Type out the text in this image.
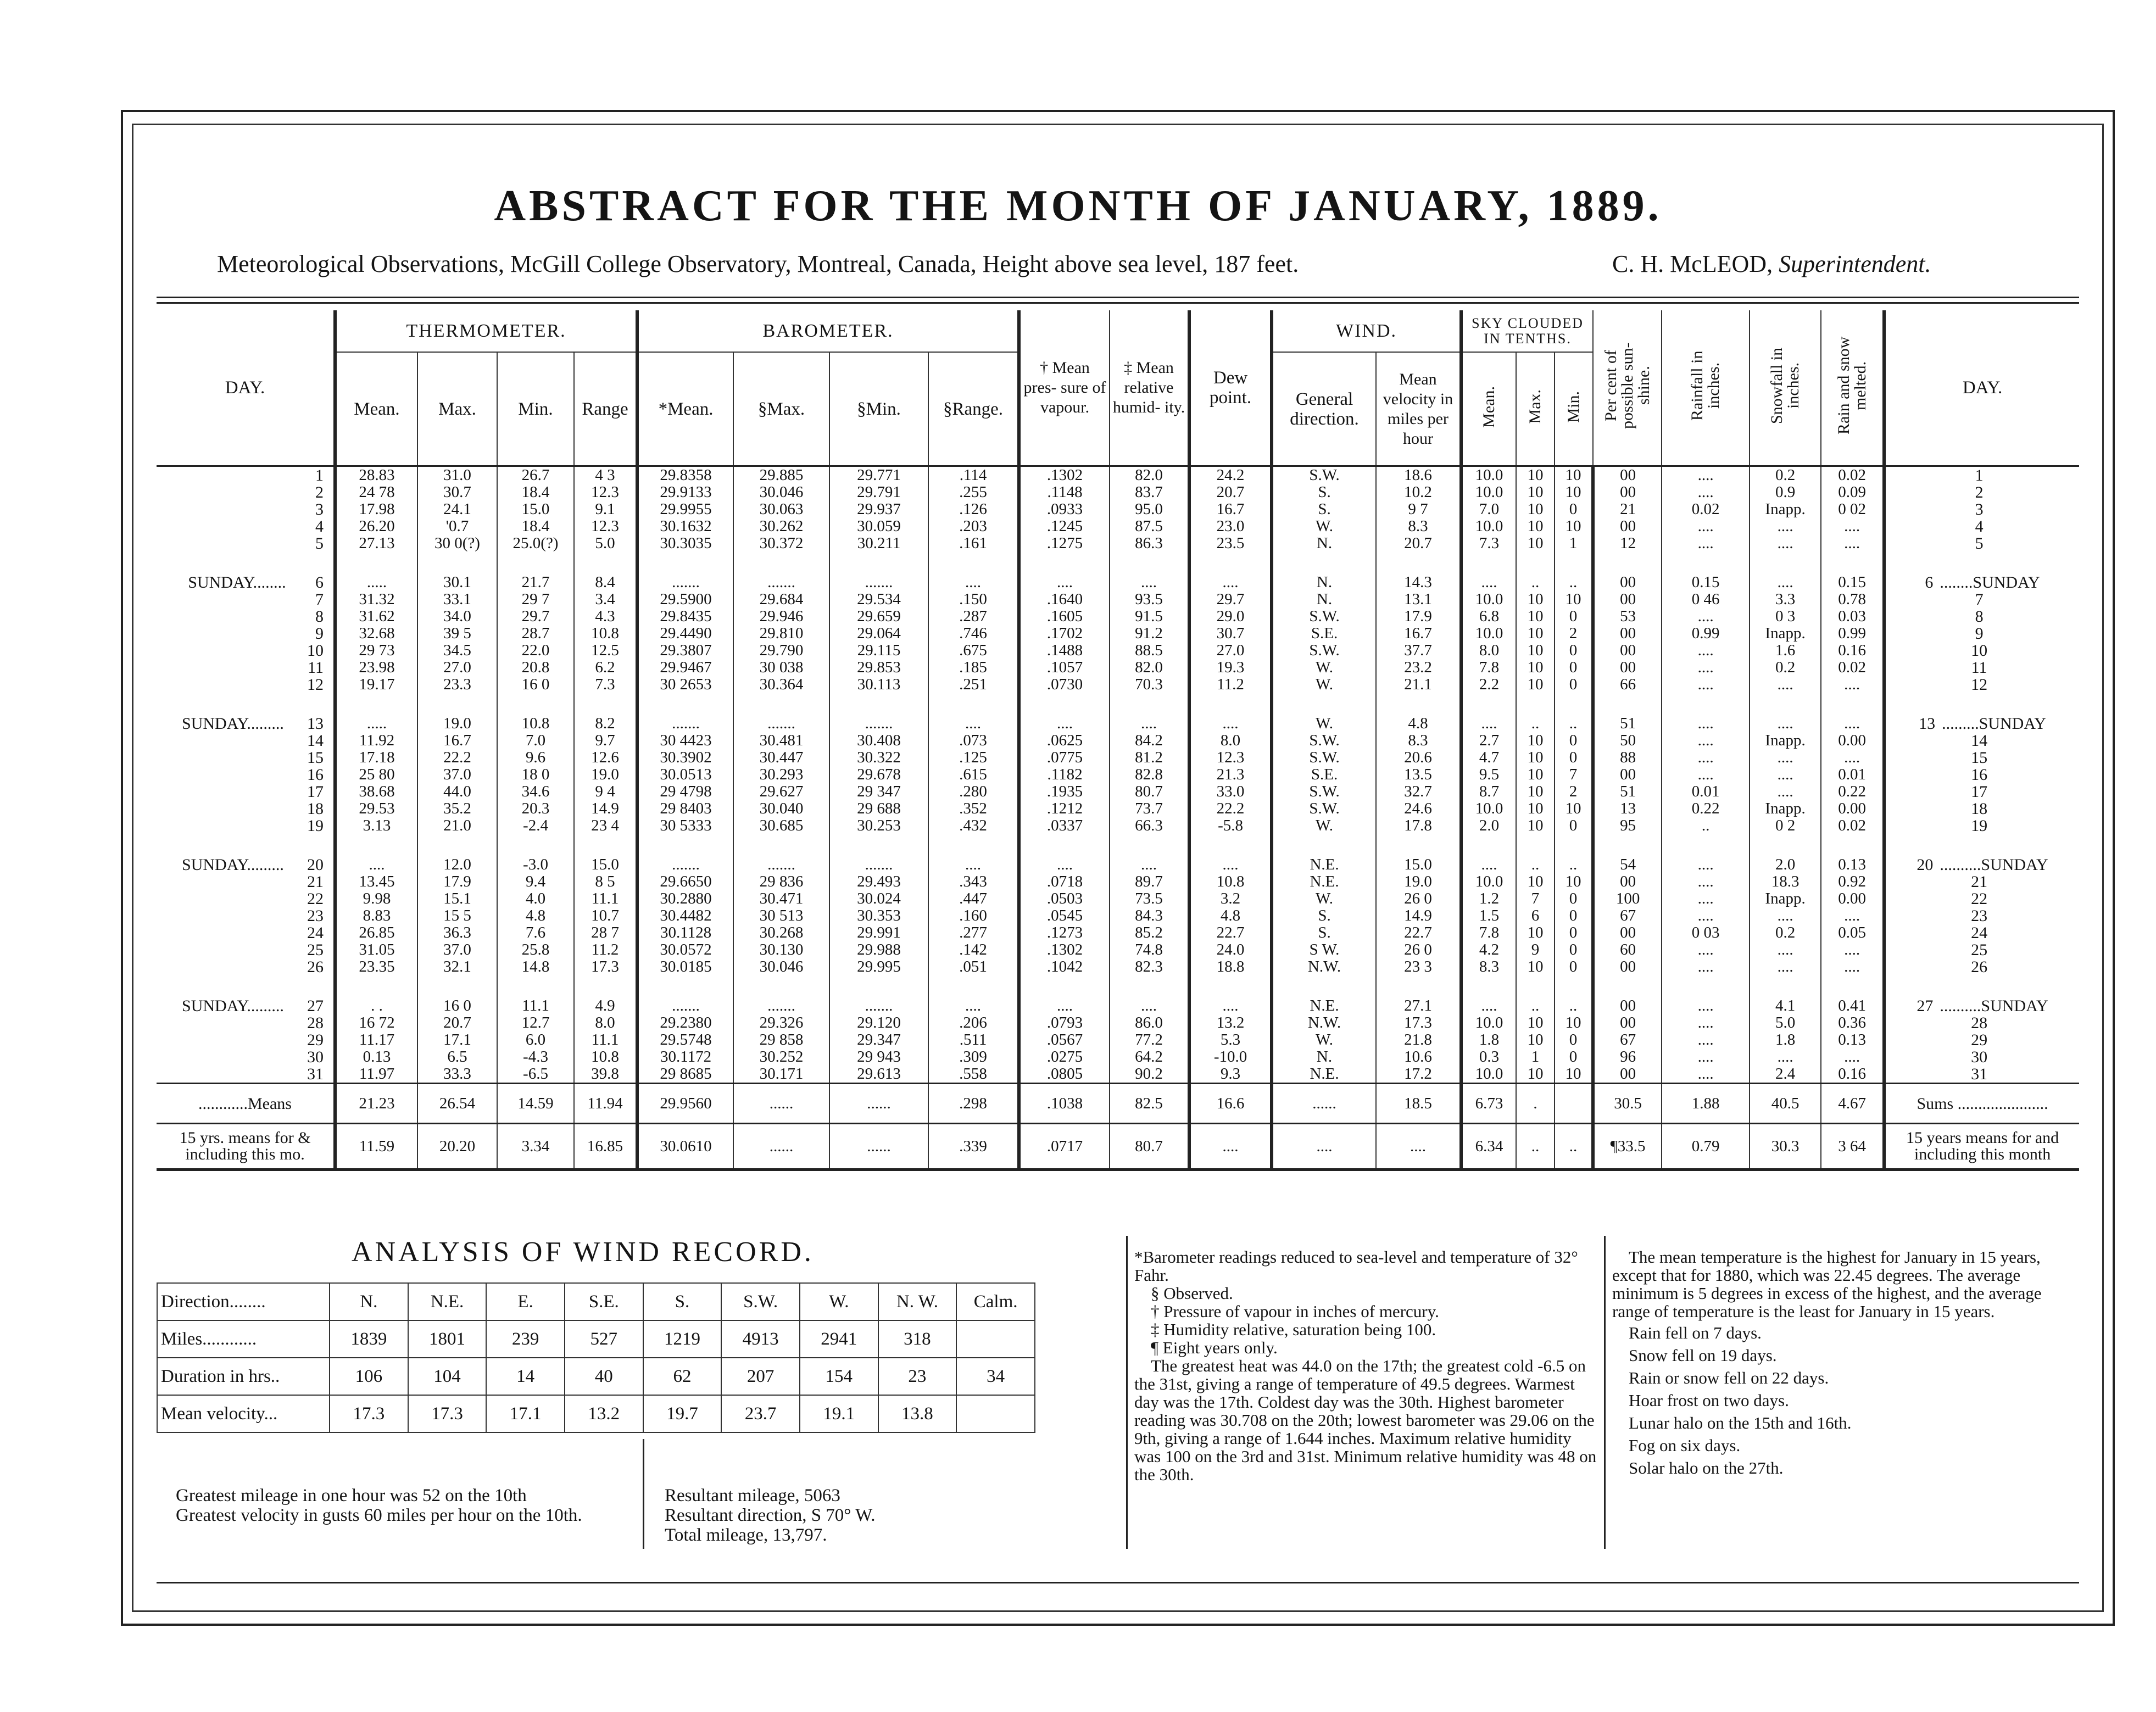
ABSTRACT FOR THE MONTH OF JANUARY, 1889.
Meteorological Observations, McGill College Observatory, Montreal, Canada, Height above sea level, 187 feet.	C. H. McLEOD, Superintendent.
DAY.	THERMOMETER.				BAROMETER.				† Mean pres- sure of vapour.	‡ Mean relative humid- ity.	Dew point.	WIND.		SKY CLOUDED IN TENTHS.			Per cent of possible sun- shine.	Rainfall in inches.	Snowfall in inches.	Rain and snow melted.	DAY.
	Mean.	Max.	Min.	Range	*Mean.	§Max.	§Min.	§Range.				General direction.	Mean velocity in miles per hour	Mean.	Max.	Min.					

1	28.83	31.0	26.7	4 3	29.8358	29.885	29.771	.114	.1302	82.0	24.2	S.W.	18.6	10.0	10	10	00	....	0.2	0.02	1

2	24 78	30.7	18.4	12.3	29.9133	30.046	29.791	.255	.1148	83.7	20.7	S.	10.2	10.0	10	10	00	....	0.9	0.09	2

3	17.98	24.1	15.0	9.1	29.9955	30.063	29.937	.126	.0933	95.0	16.7	S.	9 7	7.0	10	0	21	0.02	Inapp.	0 02	3

4	26.20	'0.7	18.4	12.3	30.1632	30.262	30.059	.203	.1245	87.5	23.0	W.	8.3	10.0	10	10	00	....	....	....	4

5	27.13	30 0(?)	25.0(?)	5.0	30.3035	30.372	30.211	.161	.1275	86.3	23.5	N.	20.7	7.3	10	1	12	....	....	....	5

SUNDAY........ 6	.....	30.1	21.7	8.4	.......	.......	.......	....	....	....	....	N.	14.3	....	..	..	00	0.15	....	0.15	6 ........SUNDAY

7	31.32	33.1	29 7	3.4	29.5900	29.684	29.534	.150	.1640	93.5	29.7	N.	13.1	10.0	10	10	00	0 46	3.3	0.78	7

8	31.62	34.0	29.7	4.3	29.8435	29.946	29.659	.287	.1605	91.5	29.0	S.W.	17.9	6.8	10	0	53	....	0 3	0.03	8

9	32.68	39 5	28.7	10.8	29.4490	29.810	29.064	.746	.1702	91.2	30.7	S.E.	16.7	10.0	10	2	00	0.99	Inapp.	0.99	9

10	29 73	34.5	22.0	12.5	29.3807	29.790	29.115	.675	.1488	88.5	27.0	S.W.	37.7	8.0	10	0	00	....	1.6	0.16	10

11	23.98	27.0	20.8	6.2	29.9467	30 038	29.853	.185	.1057	82.0	19.3	W.	23.2	7.8	10	0	00	....	0.2	0.02	11

12	19.17	23.3	16 0	7.3	30 2653	30.364	30.113	.251	.0730	70.3	11.2	W.	21.1	2.2	10	0	66	....	....	....	12

SUNDAY......... 13	.....	19.0	10.8	8.2	.......	.......	.......	....	....	....	....	W.	4.8	....	..	..	51	....	....	....	13 .........SUNDAY

14	11.92	16.7	7.0	9.7	30 4423	30.481	30.408	.073	.0625	84.2	8.0	S.W.	8.3	2.7	10	0	50	....	Inapp.	0.00	14

15	17.18	22.2	9.6	12.6	30.3902	30.447	30.322	.125	.0775	81.2	12.3	S.W.	20.6	4.7	10	0	88	....	....	....	15

16	25 80	37.0	18 0	19.0	30.0513	30.293	29.678	.615	.1182	82.8	21.3	S.E.	13.5	9.5	10	7	00	....	....	0.01	16

17	38.68	44.0	34.6	9 4	29 4798	29.627	29 347	.280	.1935	80.7	33.0	S.W.	32.7	8.7	10	2	51	0.01	....	0.22	17

18	29.53	35.2	20.3	14.9	29 8403	30.040	29 688	.352	.1212	73.7	22.2	S.W.	24.6	10.0	10	10	13	0.22	Inapp.	0.00	18

19	3.13	21.0	-2.4	23 4	30 5333	30.685	30.253	.432	.0337	66.3	-5.8	W.	17.8	2.0	10	0	95	..	0 2	0.02	19

SUNDAY......... 20	....	12.0	-3.0	15.0	.......	.......	.......	....	....	....	....	N.E.	15.0	....	..	..	54	....	2.0	0.13	20 ..........SUNDAY

21	13.45	17.9	9.4	8 5	29.6650	29 836	29.493	.343	.0718	89.7	10.8	N.E.	19.0	10.0	10	10	00	....	18.3	0.92	21

22	9.98	15.1	4.0	11.1	30.2880	30.471	30.024	.447	.0503	73.5	3.2	W.	26 0	1.2	7	0	100	....	Inapp.	0.00	22

23	8.83	15 5	4.8	10.7	30.4482	30 513	30.353	.160	.0545	84.3	4.8	S.	14.9	1.5	6	0	67	....	....	....	23

24	26.85	36.3	7.6	28 7	30.1128	30.268	29.991	.277	.1273	85.2	22.7	S.	22.7	7.8	10	0	00	0 03	0.2	0.05	24

25	31.05	37.0	25.8	11.2	30.0572	30.130	29.988	.142	.1302	74.8	24.0	S W.	26 0	4.2	9	0	60	....	....	....	25

26	23.35	32.1	14.8	17.3	30.0185	30.046	29.995	.051	.1042	82.3	18.8	N.W.	23 3	8.3	10	0	00	....	....	....	26

SUNDAY......... 27	. .	16 0	11.1	4.9	.......	.......	.......	....	....	....	....	N.E.	27.1	....	..	..	00	....	4.1	0.41	27 ..........SUNDAY

28	16 72	20.7	12.7	8.0	29.2380	29.326	29.120	.206	.0793	86.0	13.2	N.W.	17.3	10.0	10	10	00	....	5.0	0.36	28

29	11.17	17.1	6.0	11.1	29.5748	29 858	29.347	.511	.0567	77.2	5.3	W.	21.8	1.8	10	0	67	....	1.8	0.13	29

30	0.13	6.5	-4.3	10.8	30.1172	30.252	29 943	.309	.0275	64.2	-10.0	N.	10.6	0.3	1	0	96	....	....	....	30

31	11.97	33.3	-6.5	39.8	29 8685	30.171	29.613	.558	.0805	90.2	9.3	N.E.	17.2	10.0	10	10	00	....	2.4	0.16	31
............Means	21.23	26.54	14.59	11.94	29.9560	......	......	.298	.1038	82.5	16.6	......	18.5	6.73	.		30.5	1.88	40.5	4.67	Sums ......................
15 yrs. means for & including this mo.	11.59	20.20	3.34	16.85	30.0610	......	......	.339	.0717	80.7	....	....	....	6.34	..	..	¶33.5	0.79	30.3	3 64	15 years means for and including this month
ANALYSIS OF WIND RECORD.
Direction........	N.	N.E.	E.	S.E.	S.	S.W.	W.	N. W.	Calm.
Miles............	1839	1801	239	527	1219	4913	2941	318	
Duration in hrs..	106	104	14	40	62	207	154	23	34
Mean velocity...	17.3	17.3	17.1	13.2	19.7	23.7	19.1	13.8	
Greatest mileage in one hour was 52 on the 10th
Greatest velocity in gusts 60 miles per hour on the 10th.
Resultant mileage, 5063
Resultant direction, S 70° W.
Total mileage, 13,797.
*Barometer readings reduced to sea-level and temperature of 32° Fahr.
§ Observed.
† Pressure of vapour in inches of mercury.
‡ Humidity relative, saturation being 100.
¶ Eight years only.
The greatest heat was 44.0 on the 17th; the greatest cold -6.5 on the 31st, giving a range of temperature of 49.5 degrees. Warmest day was the 17th. Coldest day was the 30th. Highest barometer reading was 30.708 on the 20th; lowest barometer was 29.06 on the 9th, giving a range of 1.644 inches. Maximum relative humidity was 100 on the 3rd and 31st. Minimum relative humidity was 48 on the 30th.
The mean temperature is the highest for January in 15 years, except that for 1880, which was 22.45 degrees. The average minimum is 5 degrees in excess of the highest, and the average range of temperature is the least for January in 15 years.
Rain fell on 7 days.
Snow fell on 19 days.
Rain or snow fell on 22 days.
Hoar frost on two days.
Lunar halo on the 15th and 16th.
Fog on six days.
Solar halo on the 27th.
